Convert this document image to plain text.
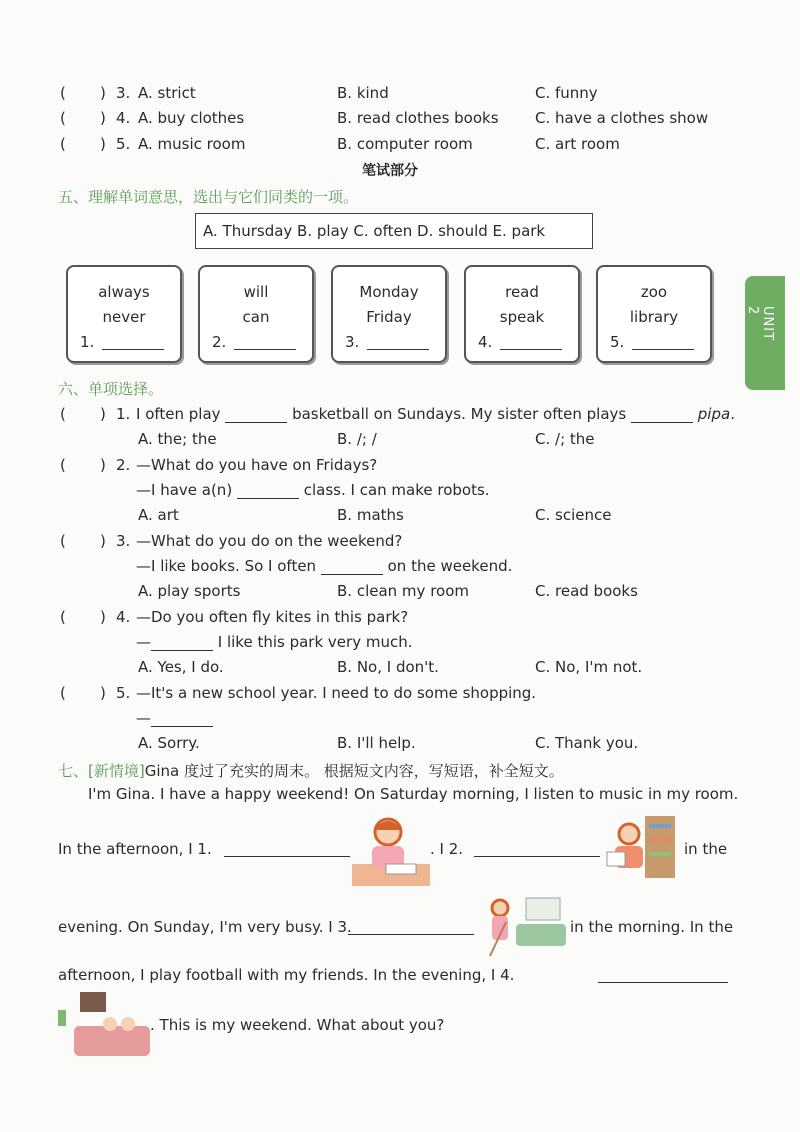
( ) 3. A. strict	B. kind	C. funny
( ) 4. A. buy clothes	B. read clothes books C. have a clothes show
( ) 5. A. music room	B. computer room	C. art room
笔试部分
五、理解单词意思，选出与它们同类的一项。
A. Thursday B. play C. often D. should E. park
always
never
1.
will
can
2.
Monday
Friday
3.
read
speak
4.
zoo
library
5.
UNIT 2
六、单项选择。
( ) 1. I often play	basketball on Sundays. My sister often plays	pipa.
A. the; the	B. /; /	C. /; the
( ) 2. —What do you have on Fridays?
—I have a(n)	class. I can make robots.
A. art	B. maths	C. science
( ) 3. —What do you do on the weekend?
—I like books. So I often	on the weekend.
A. play sports	B. clean my room	C. read books
( ) 4. —Do you often fly kites in this park?
—	I like this park very much.
A. Yes, I do.	B. No, I don't.	C. No, I'm not.
( ) 5. —It's a new school year. I need to do some shopping.
—
A. Sorry.	B. I'll help.	C. Thank you.
七、[新情境]Gina 度过了充实的周末。 根据短文内容，写短语，补全短文。
I'm Gina. I have a happy weekend! On Saturday morning, I listen to music in my room.
In the afternoon, I 1.	. I 2.	in the
evening. On Sunday, I'm very busy. I 3.	in the morning. In the
afternoon, I play football with my friends. In the evening, I 4.
. This is my weekend. What about you?
